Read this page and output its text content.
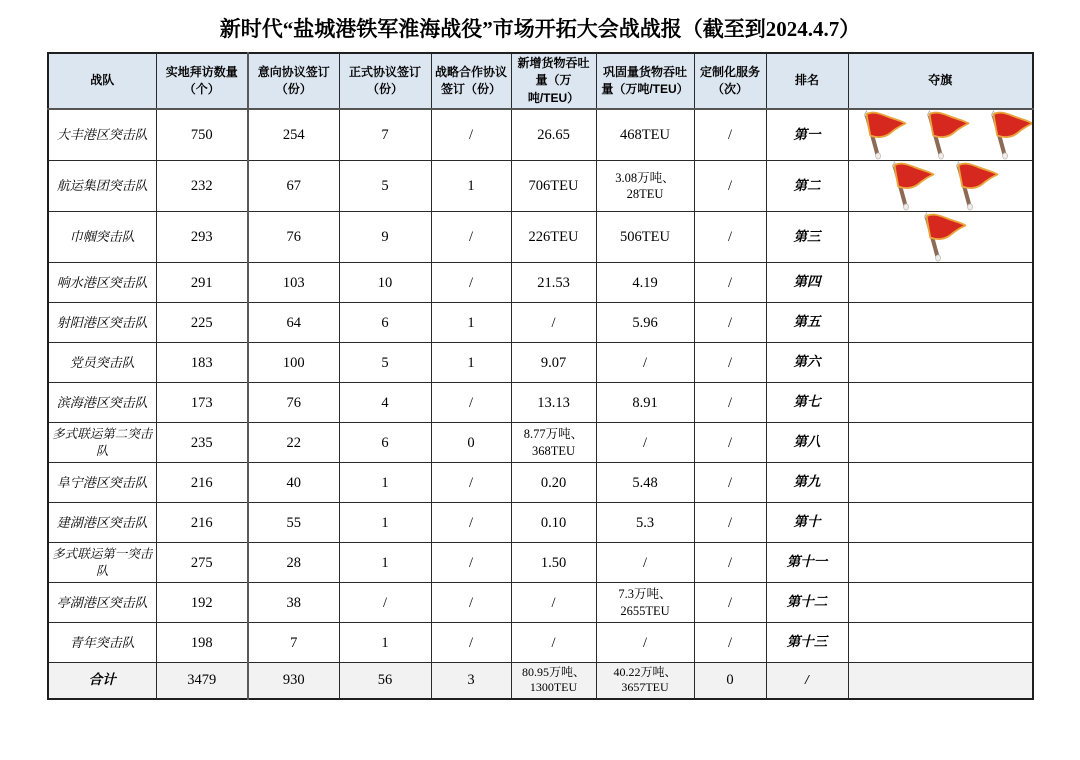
新时代“盐城港铁军淮海战役”市场开拓大会战战报（截至到2024.4.7）
战队	实地拜访数量（个）	意向协议签订（份）	正式协议签订（份）	战略合作协议签订（份）	新增货物吞吐量（万吨/TEU）	巩固量货物吞吐量（万吨/TEU）	定制化服务（次）	排名	夺旗
大丰港区突击队	750	254	7	/	26.65	468TEU	/	第一	
航运集团突击队	232	67	5	1	706TEU	3.08万吨、28TEU	/	第二	
巾帼突击队	293	76	9	/	226TEU	506TEU	/	第三	
响水港区突击队	291	103	10	/	21.53	4.19	/	第四	
射阳港区突击队	225	64	6	1	/	5.96	/	第五	
党员突击队	183	100	5	1	9.07	/	/	第六	
滨海港区突击队	173	76	4	/	13.13	8.91	/	第七	
多式联运第二突击队	235	22	6	0	8.77万吨、368TEU	/	/	第八	
阜宁港区突击队	216	40	1	/	0.20	5.48	/	第九	
建湖港区突击队	216	55	1	/	0.10	5.3	/	第十	
多式联运第一突击队	275	28	1	/	1.50	/	/	第十一	
亭湖港区突击队	192	38	/	/	/	7.3万吨、2655TEU	/	第十二	
青年突击队	198	7	1	/	/	/	/	第十三	
合计	3479	930	56	3	80.95万吨、1300TEU	40.22万吨、3657TEU	0	/	
